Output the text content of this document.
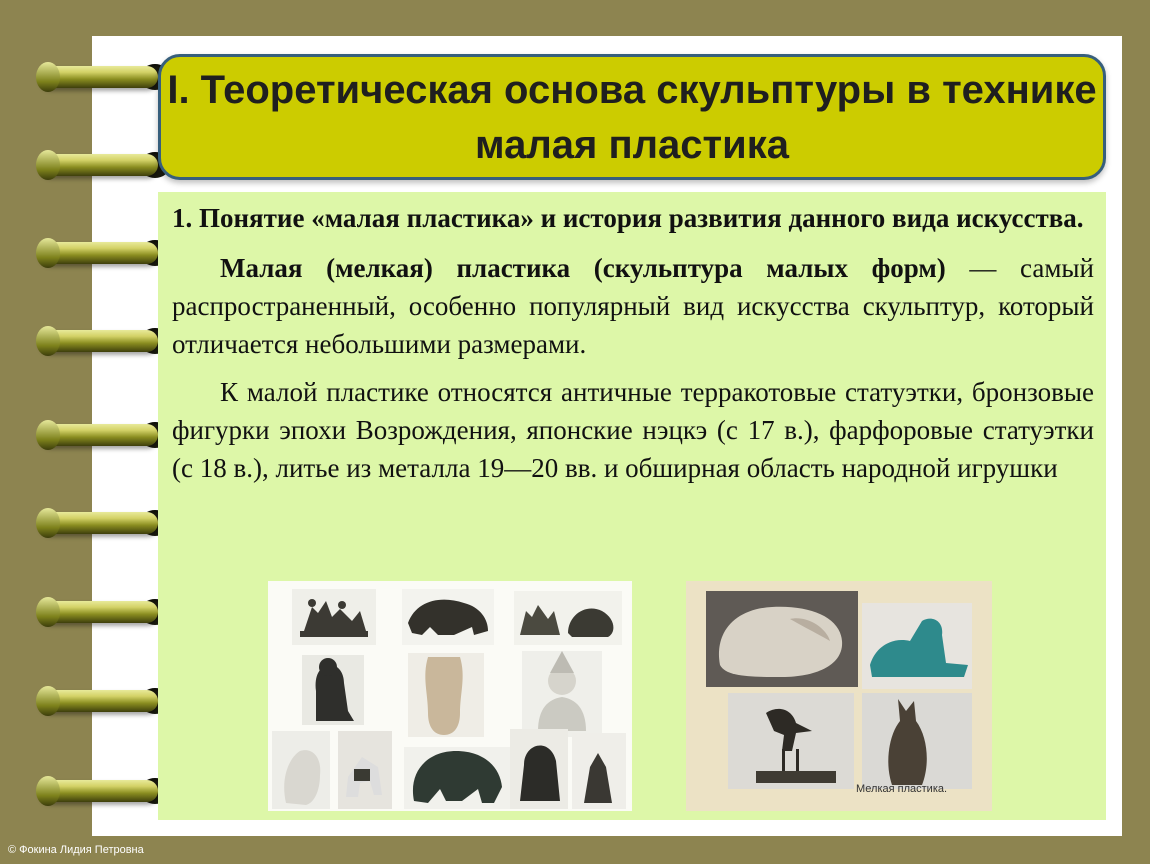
I. Теоретическая основа скульптуры в технике малая пластика

1. Понятие «малая пластика» и история развития данного вида искусства.

Малая (мелкая) пластика (скульптура малых форм) — самый распространенный, особенно популярный вид искусства скульптур, который отличается небольшими размерами.

К малой пластике относятся античные терракотовые статуэтки, бронзовые фигурки эпохи Возрождения, японские нэцкэ (с 17 в.), фарфоровые статуэтки (с 18 в.), литье из металла 19—20 вв. и обширная область народной игрушки

Мелкая пластика.
© Фокина Лидия Петровна
